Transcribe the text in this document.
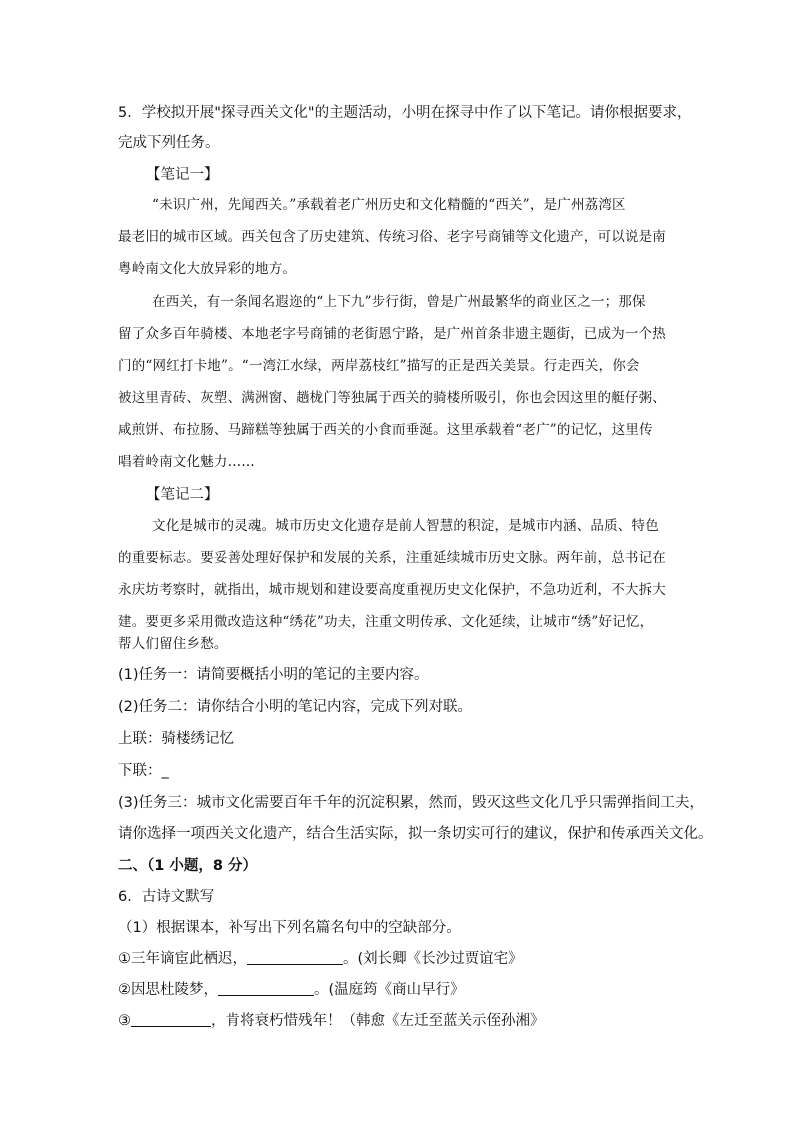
5．学校拟开展"探寻西关文化"的主题活动，小明在探寻中作了以下笔记。请你根据要求，
完成下列任务。
【笔记一】
“未识广州，先闻西关。”承载着老广州历史和文化精髓的“西关”，是广州荔湾区
最老旧的城市区域。西关包含了历史建筑、传统习俗、老字号商铺等文化遗产，可以说是南
粤岭南文化大放异彩的地方。
在西关，有一条闻名遐迩的“上下九”步行街，曾是广州最繁华的商业区之一；那保
留了众多百年骑楼、本地老字号商铺的老街恩宁路，是广州首条非遗主题街，已成为一个热
门的“网红打卡地”。“一湾江水绿，两岸荔枝红”描写的正是西关美景。行走西关，你会
被这里青砖、灰塑、满洲窗、趟栊门等独属于西关的骑楼所吸引，你也会因这里的艇仔粥、
咸煎饼、布拉肠、马蹄糕等独属于西关的小食而垂涎。这里承载着“老广”的记忆，这里传
唱着岭南文化魅力……
【笔记二】
文化是城市的灵魂。城市历史文化遗存是前人智慧的积淀，是城市内涵、品质、特色
的重要标志。要妥善处理好保护和发展的关系，注重延续城市历史文脉。两年前，总书记在
永庆坊考察时，就指出，城市规划和建设要高度重视历史文化保护，不急功近利，不大拆大
建。要更多采用微改造这种“绣花”功夫，注重文明传承、文化延续，让城市“绣”好记忆，
帮人们留住乡愁。
(1)任务一：请简要概括小明的笔记的主要内容。
(2)任务二：请你结合小明的笔记内容，完成下列对联。
上联：骑楼绣记忆
下联：_
(3)任务三：城市文化需要百年千年的沉淀积累，然而，毁灭这些文化几乎只需弹指间工夫，
请你选择一项西关文化遗产，结合生活实际，拟一条切实可行的建议，保护和传承西关文化。
二、（1 小题，8 分）
6．古诗文默写
（1）根据课本，补写出下列名篇名句中的空缺部分。
①三年谪宦此栖迟，	。(刘长卿《长沙过贾谊宅》
②因思杜陵梦，	。(温庭筠《商山早行》
③	，肯将衰朽惜残年！（韩愈《左迁至蓝关示侄孙湘》
